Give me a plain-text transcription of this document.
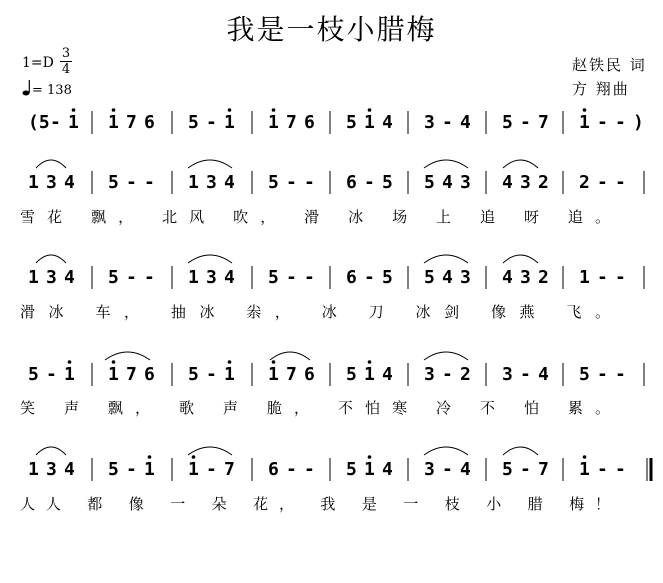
我是一枝小腊梅
1=D
3
4
= 138
赵铁民 词
方 翔曲
(5 - 1 1 7 6 5 - 1 1 7 6 5 1 4 3 - 4 5 - 7 1 - - )
1 3 4 5 - - 1 3 4 5 - - 6 - 5 5 4 3 4 3 2 2 - -
雪花 飘， 北风 吹， 滑 冰 场 上 追 呀 追。
1 3 4 5 - - 1 3 4 5 - - 6 - 5 5 4 3 4 3 2 1 - -
滑冰 车， 抽冰 尜， 冰 刀 冰剑 像燕 飞。
5 - 1 1 7 6 5 - 1 1 7 6 5 1 4 3 - 2 3 - 4 5 - -
笑 声 飘， 歌 声 脆， 不怕寒 冷 不 怕 累。
1 3 4 5 - 1 1 - 7 6 - - 5 1 4 3 - 4 5 - 7 1 - -
人人 都 像 一 朵 花， 我 是 一 枝 小 腊 梅！
